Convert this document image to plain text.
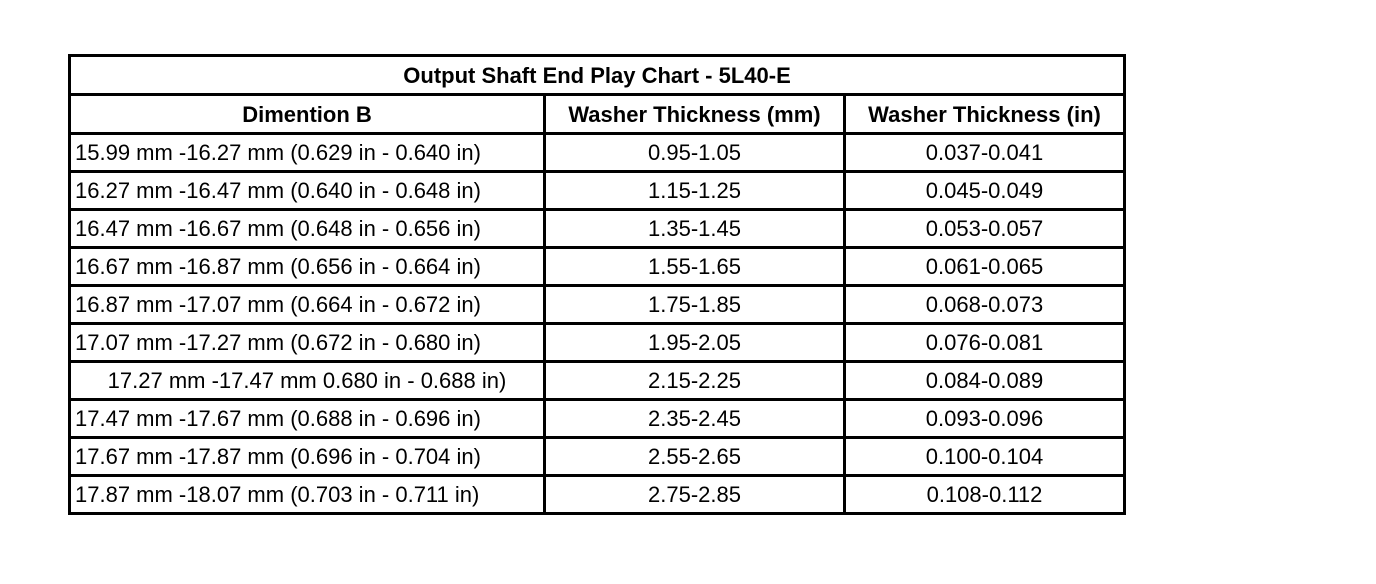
Output Shaft End Play Chart - 5L40-E		
Dimention B	Washer Thickness (mm)	Washer Thickness (in)
15.99 mm -16.27 mm (0.629 in - 0.640 in)	0.95-1.05	0.037-0.041
16.27 mm -16.47 mm (0.640 in - 0.648 in)	1.15-1.25	0.045-0.049
16.47 mm -16.67 mm (0.648 in - 0.656 in)	1.35-1.45	0.053-0.057
16.67 mm -16.87 mm (0.656 in - 0.664 in)	1.55-1.65	0.061-0.065
16.87 mm -17.07 mm (0.664 in - 0.672 in)	1.75-1.85	0.068-0.073
17.07 mm -17.27 mm (0.672 in - 0.680 in)	1.95-2.05	0.076-0.081
17.27 mm -17.47 mm 0.680 in - 0.688 in)	2.15-2.25	0.084-0.089
17.47 mm -17.67 mm (0.688 in - 0.696 in)	2.35-2.45	0.093-0.096
17.67 mm -17.87 mm (0.696 in - 0.704 in)	2.55-2.65	0.100-0.104
17.87 mm -18.07 mm (0.703 in - 0.711 in)	2.75-2.85	0.108-0.112
